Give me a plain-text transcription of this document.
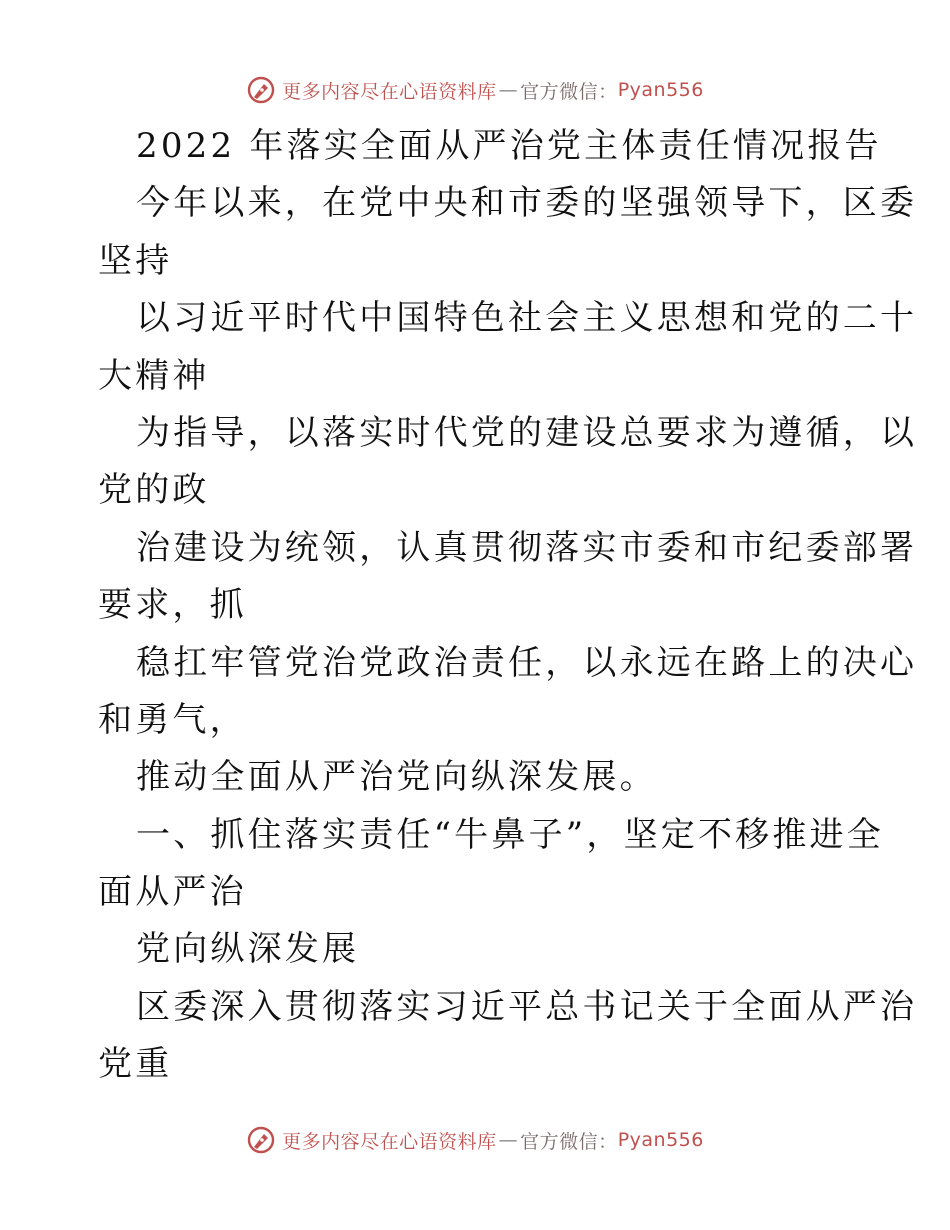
更多内容尽在心语资料库 — 官方微信： Pyan556
2022 年落实全面从严治党主体责任情况报告
今年以来，在党中央和市委的坚强领导下，区委
坚持
以习近平时代中国特色社会主义思想和党的二十
大精神
为指导，以落实时代党的建设总要求为遵循，以
党的政
治建设为统领，认真贯彻落实市委和市纪委部署
要求，抓
稳扛牢管党治党政治责任，以永远在路上的决心
和勇气，
推动全面从严治党向纵深发展。
一、抓住落实责任“牛鼻子”，坚定不移推进全
面从严治
党向纵深发展
区委深入贯彻落实习近平总书记关于全面从严治
党重
更多内容尽在心语资料库 — 官方微信： Pyan556
